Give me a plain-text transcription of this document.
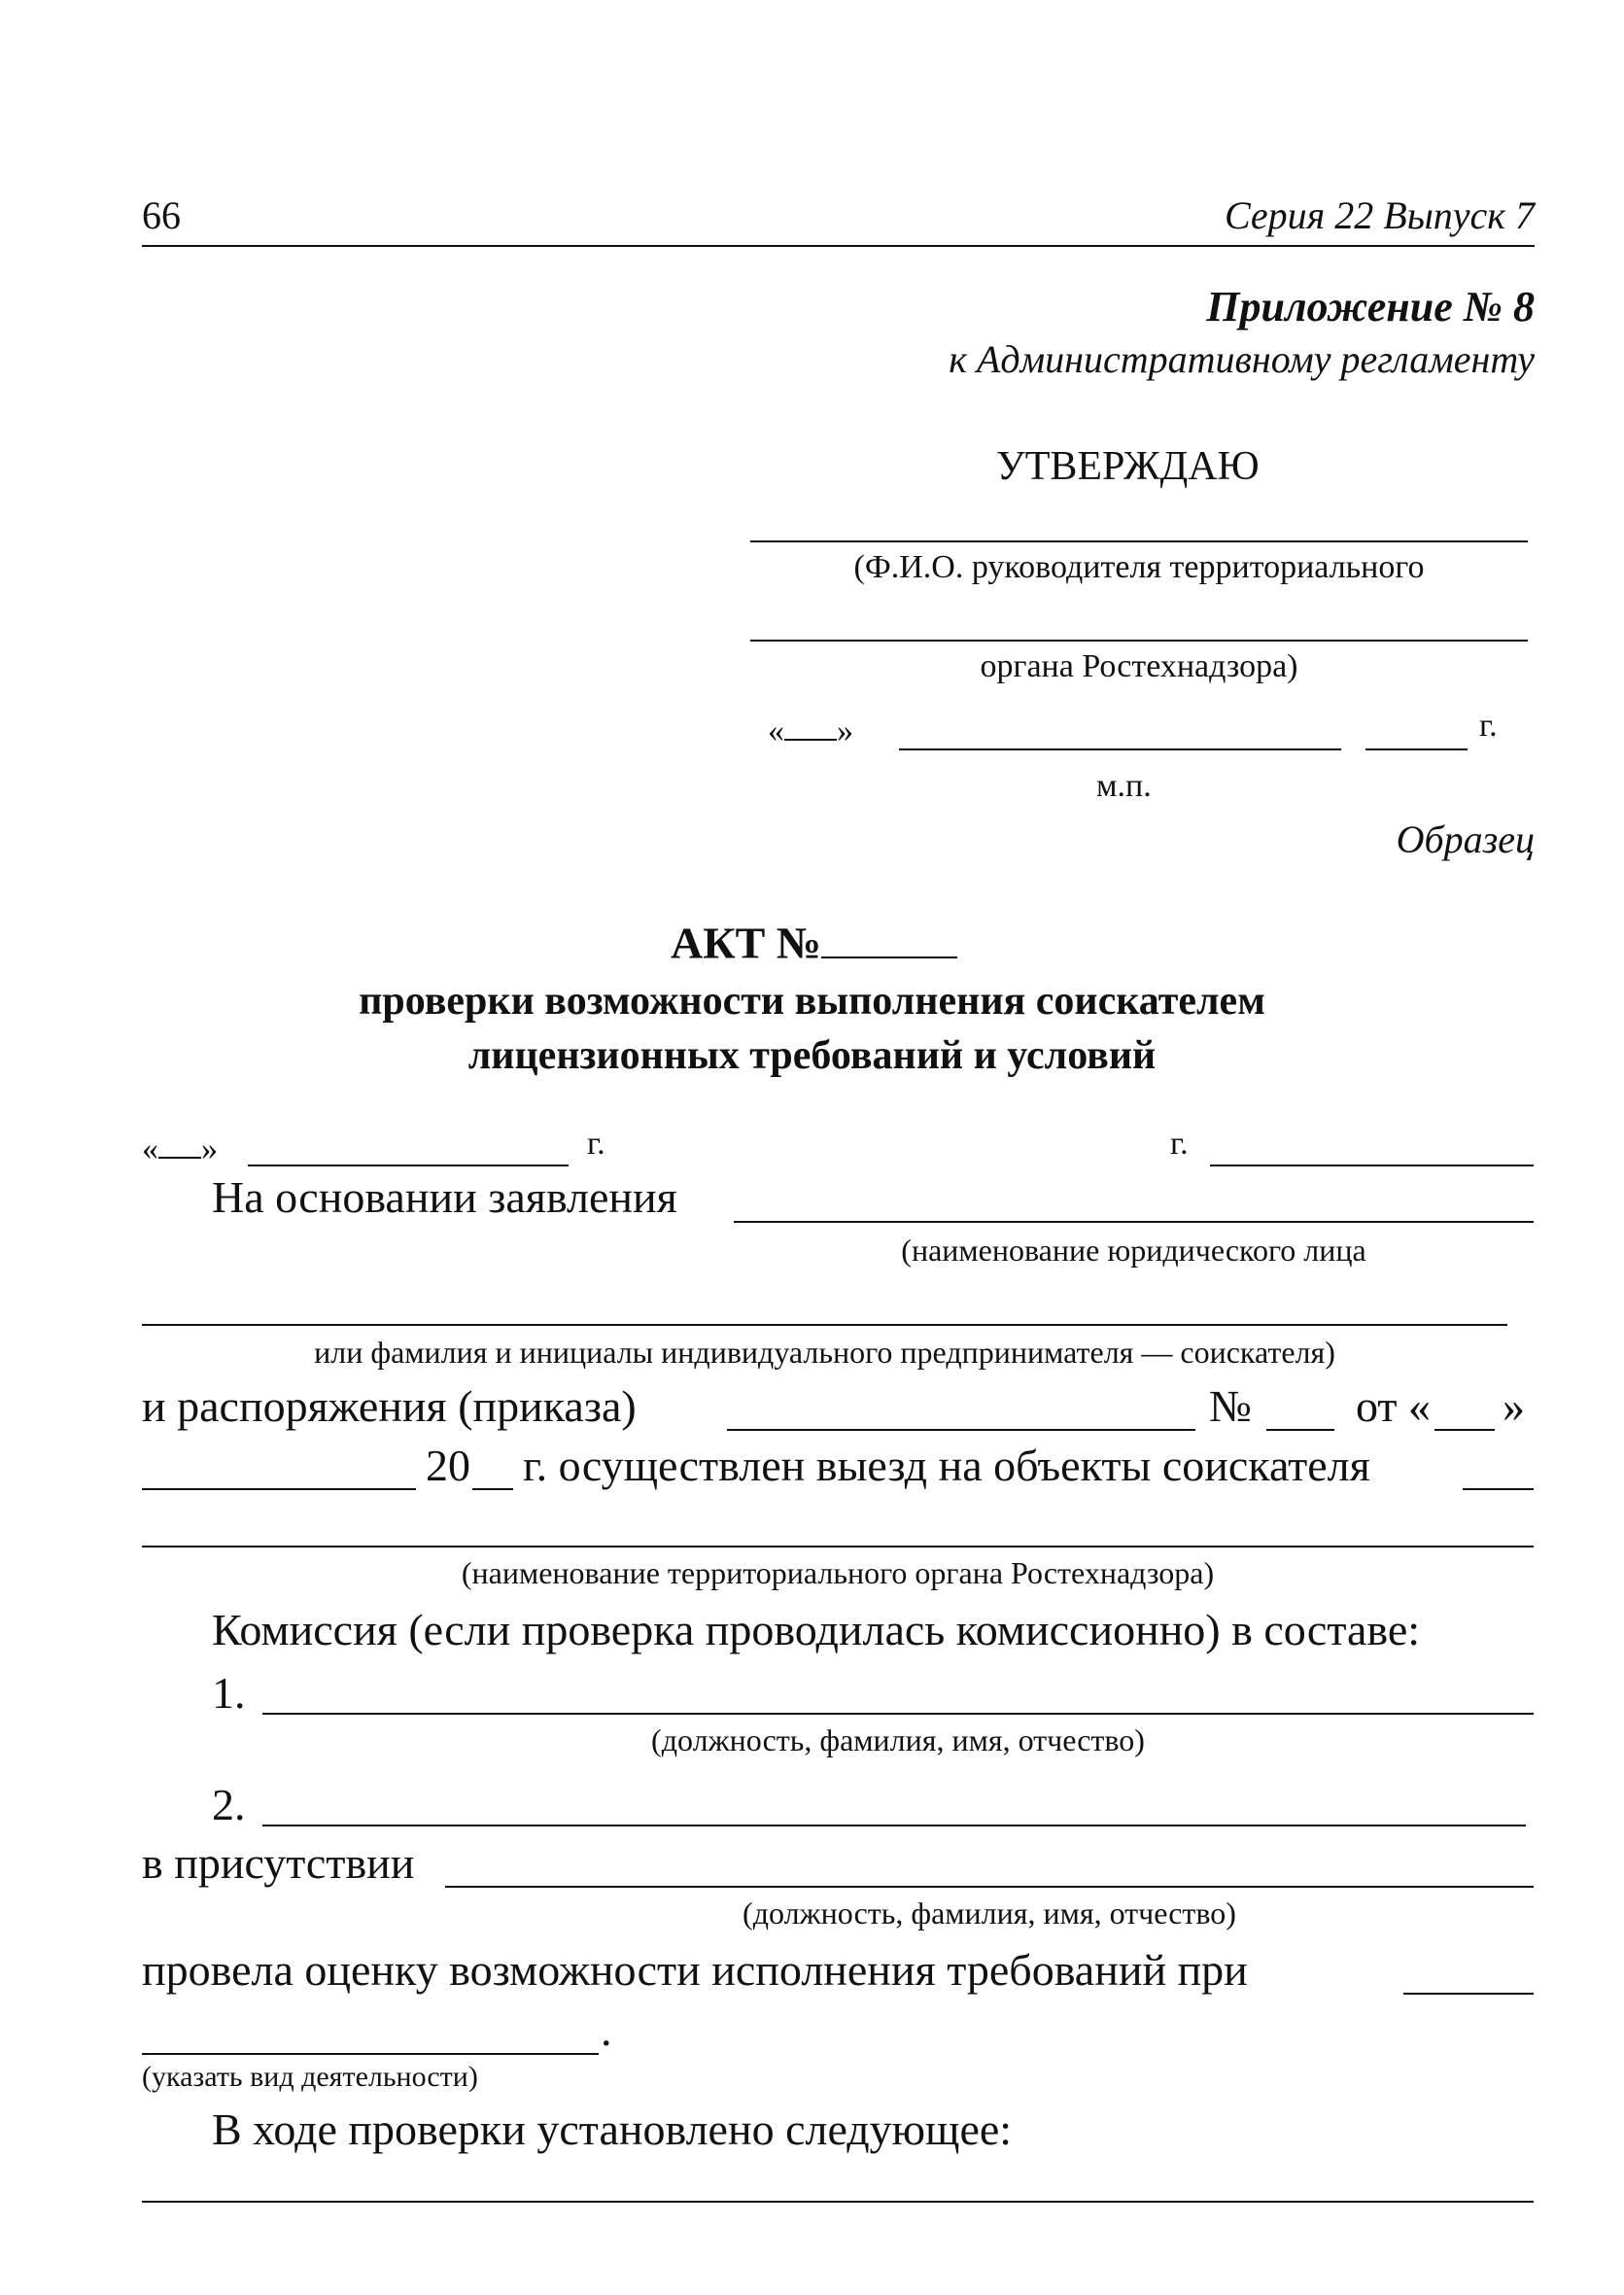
66	Серия 22 Выпуск 7
Приложение № 8
к Административному регламенту
УТВЕРЖДАЮ
(Ф.И.О. руководителя территориального
органа Ростехнадзора)
« »	г.
м.п.
Образец
АКТ №
проверки возможности выполнения соискателем
лицензионных требований и условий
« »	г.	г.
На основании заявления
(наименование юридического лица
или фамилия и инициалы индивидуального предпринимателя — соискателя)
и распоряжения (приказа)	№ от « »
20 г. осуществлен выезд на объекты соискателя
(наименование территориального органа Ростехнадзора)
Комиссия (если проверка проводилась комиссионно) в составе:
1.
(должность, фамилия, имя, отчество)
2.
в присутствии
(должность, фамилия, имя, отчество)
провела оценку возможности исполнения требований при
.
(указать вид деятельности)
В ходе проверки установлено следующее:
